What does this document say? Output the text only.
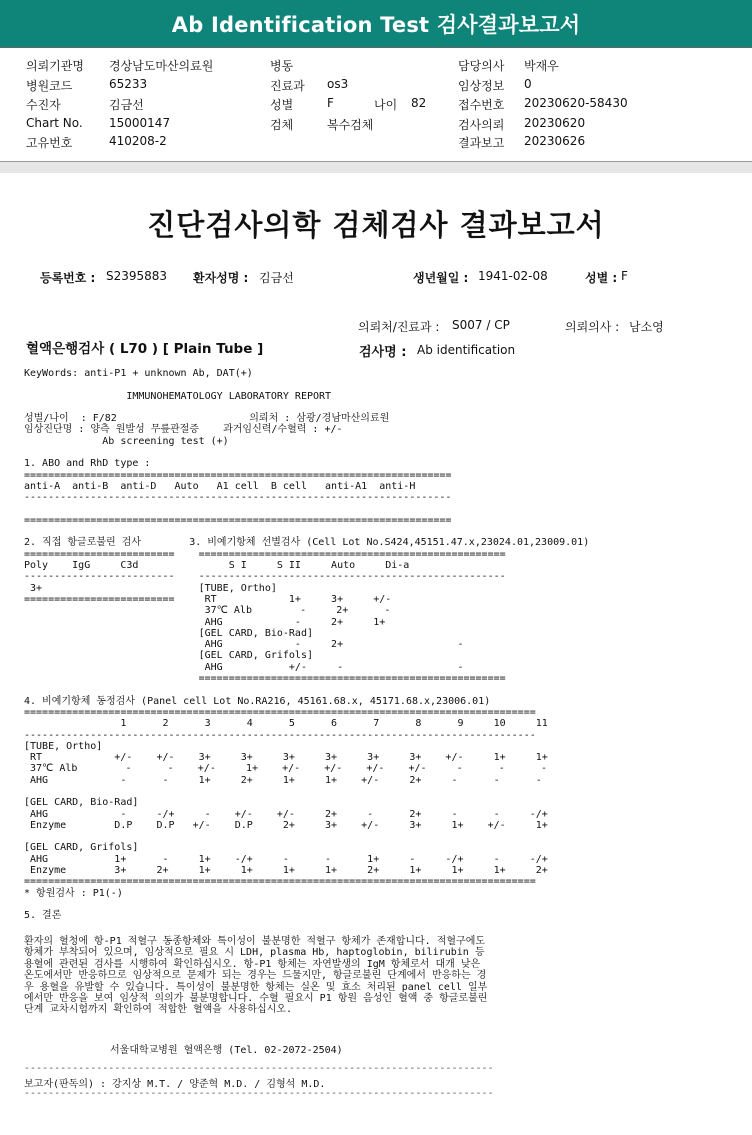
Ab Identification Test 검사결과보고서
의뢰기관명 경상남도마산의료원	병동	담당의사 박재우
병원코드	65233	진료과 os3	임상정보 0
수진자	김금선	성별	F	나이 82	접수번호 20230620-58430
Chart No. 15000147	검체	복수검체	검사의뢰 20230620
고유번호	410208-2	결과보고 20230626
진단검사의학 검체검사 결과보고서
등록번호 : S2395883 환자성명 : 김금선	생년월일 : 1941-02-08	성별 : F
의뢰처/진료과 : S007 / CP	의뢰의사 : 남소영
혈액은행검사 ( L70 ) [ Plain Tube ]	검사명 : Ab identification
KeyWords: anti-P1 + unknown Ab, DAT(+)

IMMUNOHEMATOLOGY LABORATORY REPORT

성별/나이  : F/82                      의뢰처 : 삼광/경남마산의료원
임상진단명 : 양측 원발성 무릎관절증    과거임신력/수혈력 : +/-
Ab screening test (+)

1. ABO and RhD type :
=======================================================================
anti-A  anti-B  anti-D   Auto   A1 cell  B cell   anti-A1  anti-H
-----------------------------------------------------------------------

=======================================================================

2. 직접 항글로불린 검사        3. 비예기항체 선별검사 (Cell Lot No.S424,45151.47.x,23024.01,23009.01)
=========================    ===================================================
Poly    IgG     C3d               S I     S II     Auto     Di-a
-------------------------    ---------------------------------------------------
3+                          [TUBE, Ortho]
=========================     RT            1+     3+     +/-
37℃ Alb        -     2+      -
AHG            -     2+     1+
[GEL CARD, Bio-Rad]
AHG            -     2+                   -
[GEL CARD, Grifols]
AHG           +/-     -                   -
===================================================

4. 비예기항체 동정검사 (Panel cell Lot No.RA216, 45161.68.x, 45171.68.x,23006.01)
=====================================================================================
1      2      3      4      5      6      7      8      9     10     11
-------------------------------------------------------------------------------------
[TUBE, Ortho]
RT            +/-    +/-    3+     3+     3+     3+     3+     3+    +/-     1+     1+
37℃ Alb        -      -    +/-     1+    +/-    +/-    +/-    +/-     -      -      -
AHG            -      -     1+     2+     1+     1+    +/-     2+     -      -      -

[GEL CARD, Bio-Rad]
AHG            -     -/+     -    +/-    +/-     2+     -      2+     -      -     -/+
Enzyme        D.P    D.P   +/-    D.P     2+     3+    +/-     3+     1+    +/-     1+

[GEL CARD, Grifols]
AHG           1+      -     1+    -/+     -      -      1+     -     -/+     -     -/+
Enzyme        3+     2+     1+     1+     1+     1+     2+     1+     1+     1+     2+
=====================================================================================
* 항원검사 : P1(-)

5. 결론
환자의 혈청에 항-P1 적혈구 동종항체와 특이성이 불분명한 적혈구 항체가 존재합니다. 적혈구에도 항체가 부착되어 있으며, 임상적으로 필요 시 LDH, plasma Hb, haptoglobin, bilirubin 등 용혈에 관련된 검사를 시행하여 확인하십시오. 항-P1 항체는 자연발생의 IgM 항체로서 대개 낮은 온도에서만 반응하므로 임상적으로 문제가 되는 경우는 드물지만, 항글로불린 단계에서 반응하는 경우 용혈을 유발할 수 있습니다. 특이성이 불분명한 항체는 실온 및 효소 처리된 panel cell 일부에서만 반응을 보여 임상적 의의가 불분명합니다. 수혈 필요시 P1 항원 음성인 혈액 중 항글로불린 단계 교차시험까지 확인하여 적합한 혈액을 사용하십시오.
서울대학교병원 혈액은행 (Tel. 02-2072-2504)
------------------------------------------------------------------------------
보고자(판독의) : 강지상 M.T. / 양준혁 M.D. / 김형석 M.D.
------------------------------------------------------------------------------
